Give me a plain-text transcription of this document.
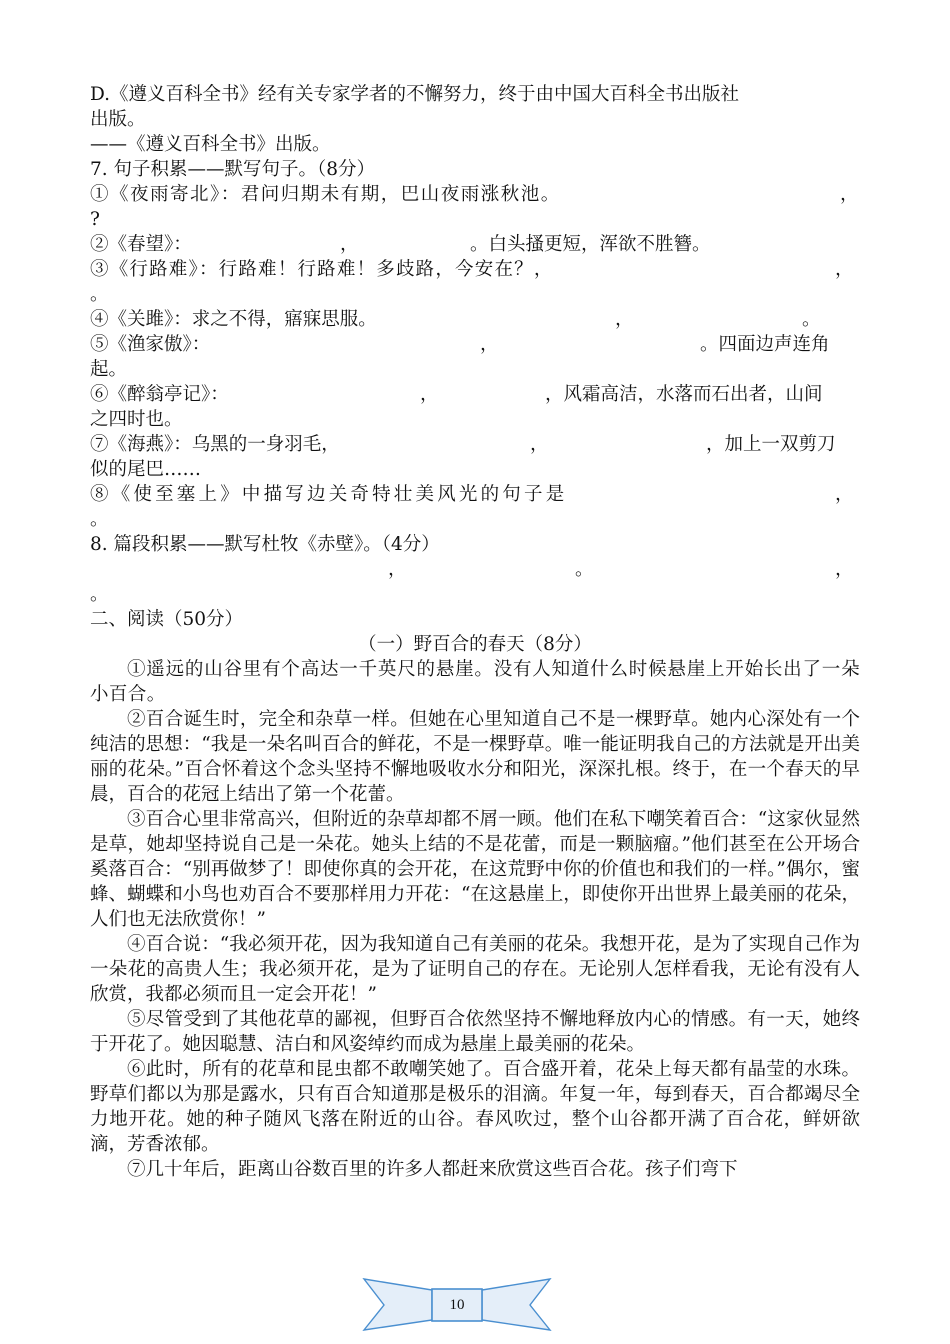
D.《遵义百科全书》经有关专家学者的不懈努力，终于由中国大百科全书出版社
出版。
——《遵义百科全书》出版。
7. 句子积累——默写句子。（8分）
①《夜雨寄北》：君问归期未有期，巴山夜雨涨秋池。	，
?
②《春望》：	，	。白头搔更短，浑欲不胜簪。
③《行路难》：行路难！行路难！多歧路，今安在？，	，
。
④《关雎》：求之不得，寤寐思服。	，	。
⑤《渔家傲》：	，	。四面边声连角
起。
⑥《醉翁亭记》：	，	，风霜高洁，水落而石出者，山间
之四时也。
⑦《海燕》：乌黑的一身羽毛，	，	，加上一双剪刀
似的尾巴……
⑧《使至塞上》中描写边关奇特壮美风光的句子是	，
。
8. 篇段积累——默写杜牧《赤壁》。（4分）
，	。	，
。
二、阅读（50分）
（一）野百合的春天（8分）

①遥远的山谷里有个高达一千英尺的悬崖。没有人知道什么时候悬崖上开始长出了一朵小百合。

②百合诞生时，完全和杂草一样。但她在心里知道自己不是一棵野草。她内心深处有一个纯洁的思想：“我是一朵名叫百合的鲜花，不是一棵野草。唯一能证明我自己的方法就是开出美丽的花朵。”百合怀着这个念头坚持不懈地吸收水分和阳光，深深扎根。终于，在一个春天的早晨，百合的花冠上结出了第一个花蕾。

③百合心里非常高兴，但附近的杂草却都不屑一顾。他们在私下嘲笑着百合：“这家伙显然是草，她却坚持说自己是一朵花。她头上结的不是花蕾，而是一颗脑瘤。”他们甚至在公开场合奚落百合：“别再做梦了！即使你真的会开花，在这荒野中你的价值也和我们的一样。”偶尔，蜜蜂、蝴蝶和小鸟也劝百合不要那样用力开花：“在这悬崖上，即使你开出世界上最美丽的花朵，人们也无法欣赏你！”

④百合说：“我必须开花，因为我知道自己有美丽的花朵。我想开花，是为了实现自己作为一朵花的高贵人生；我必须开花，是为了证明自己的存在。无论别人怎样看我，无论有没有人欣赏，我都必须而且一定会开花！”

⑤尽管受到了其他花草的鄙视，但野百合依然坚持不懈地释放内心的情感。有一天，她终于开花了。她因聪慧、洁白和风姿绰约而成为悬崖上最美丽的花朵。

⑥此时，所有的花草和昆虫都不敢嘲笑她了。百合盛开着，花朵上每天都有晶莹的水珠。野草们都以为那是露水，只有百合知道那是极乐的泪滴。年复一年，每到春天，百合都竭尽全力地开花。她的种子随风飞落在附近的山谷。春风吹过，整个山谷都开满了百合花，鲜妍欲滴，芳香浓郁。

⑦几十年后，距离山谷数百里的许多人都赶来欣赏这些百合花。孩子们弯下
10
